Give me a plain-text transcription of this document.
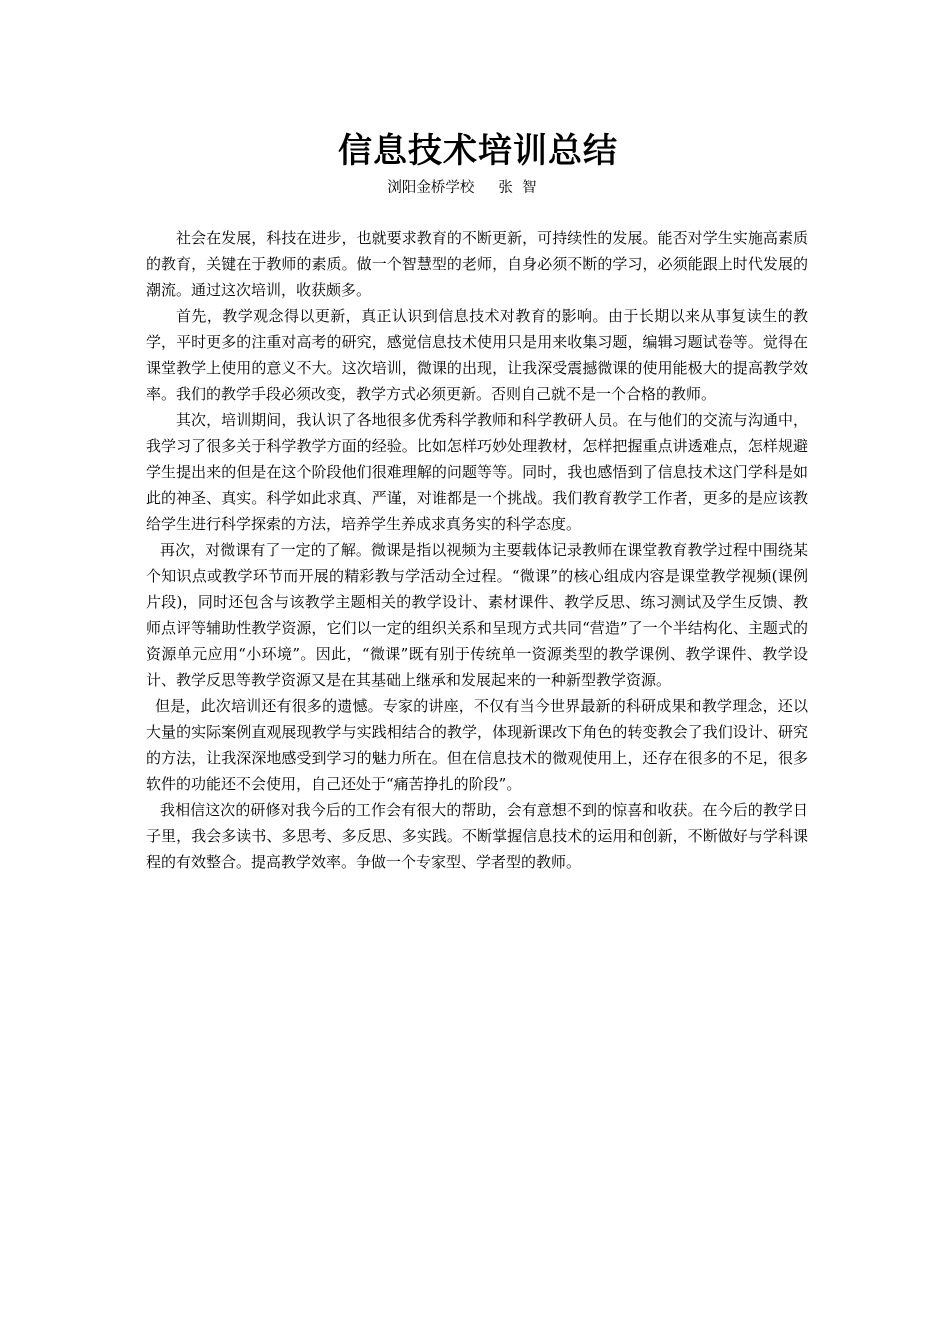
信息技术培训总结
浏阳金桥学校 张  智

社会在发展，科技在进步，也就要求教育的不断更新，可持续性的发展。能否对学生实施高素质的教育，关键在于教师的素质。做一个智慧型的老师，自身必须不断的学习，必须能跟上时代发展的潮流。通过这次培训，收获颇多。

首先，教学观念得以更新，真正认识到信息技术对教育的影响。由于长期以来从事复读生的教学，平时更多的注重对高考的研究，感觉信息技术使用只是用来收集习题，编辑习题试卷等。觉得在课堂教学上使用的意义不大。这次培训，微课的出现，让我深受震撼微课的使用能极大的提高教学效率。我们的教学手段必须改变，教学方式必须更新。否则自己就不是一个合格的教师。

其次，培训期间，我认识了各地很多优秀科学教师和科学教研人员。在与他们的交流与沟通中，我学习了很多关于科学教学方面的经验。比如怎样巧妙处理教材，怎样把握重点讲透难点，怎样规避学生提出来的但是在这个阶段他们很难理解的问题等等。同时，我也感悟到了信息技术这门学科是如此的神圣、真实。科学如此求真、严谨，对谁都是一个挑战。我们教育教学工作者，更多的是应该教给学生进行科学探索的方法，培养学生养成求真务实的科学态度。

再次，对微课有了一定的了解。微课是指以视频为主要载体记录教师在课堂教育教学过程中围绕某个知识点或教学环节而开展的精彩教与学活动全过程。“微课”的核心组成内容是课堂教学视频(课例片段)，同时还包含与该教学主题相关的教学设计、素材课件、教学反思、练习测试及学生反馈、教师点评等辅助性教学资源，它们以一定的组织关系和呈现方式共同“营造”了一个半结构化、主题式的资源单元应用“小环境”。因此，“微课”既有别于传统单一资源类型的教学课例、教学课件、教学设计、教学反思等教学资源又是在其基础上继承和发展起来的一种新型教学资源。

但是，此次培训还有很多的遗憾。专家的讲座，不仅有当今世界最新的科研成果和教学理念，还以大量的实际案例直观展现教学与实践相结合的教学，体现新课改下角色的转变教会了我们设计、研究的方法，让我深深地感受到学习的魅力所在。但在信息技术的微观使用上，还存在很多的不足，很多软件的功能还不会使用，自己还处于“痛苦挣扎的阶段”。

我相信这次的研修对我今后的工作会有很大的帮助，会有意想不到的惊喜和收获。在今后的教学日子里，我会多读书、多思考、多反思、多实践。不断掌握信息技术的运用和创新，不断做好与学科课程的有效整合。提高教学效率。争做一个专家型、学者型的教师。
